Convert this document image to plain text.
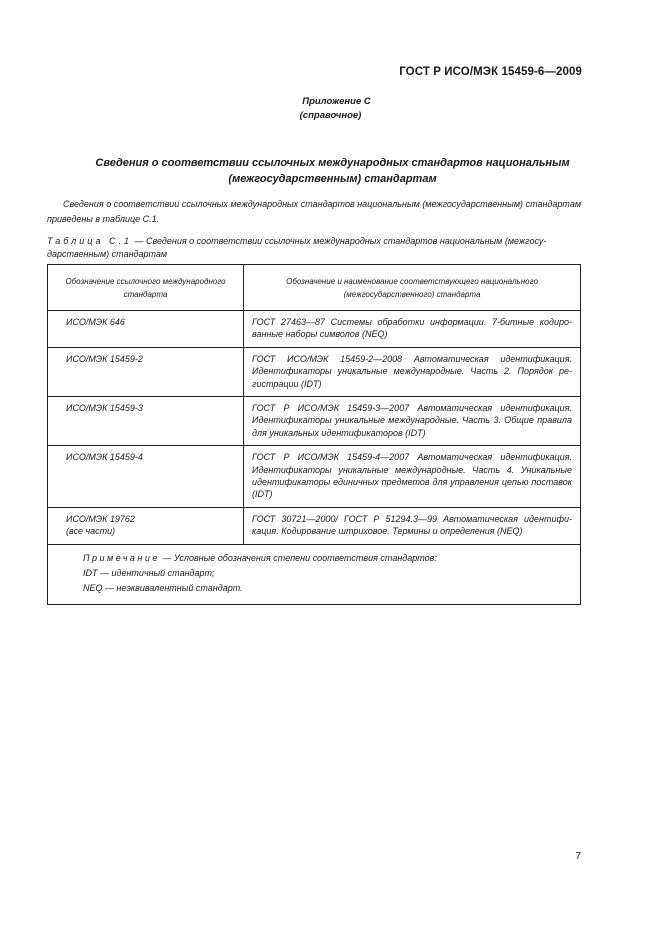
ГОСТ Р ИСО/МЭК 15459-6—2009
Приложение С
(справочное)
Сведения о соответствии ссылочных международных стандартов национальным
(межгосударственным) стандартам
Сведения о соответствии ссылочных международных стандартов национальным (межгосударственным) стандартам приведены в таблице С.1.
Таблица С.1 — Сведения о соответствии ссылочных международных стандартов национальным (межгосударственным) стандартам
Обозначение ссылочного международного стандарта	Обозначение и наименование соответствующего национального (межгосударственного) стандарта
ИСО/МЭК 646	ГОСТ 27463—87 Системы обработки информации. 7-битные кодированные наборы символов (NEQ)
ИСО/МЭК 15459-2	ГОСТ ИСО/МЭК 15459-2—2008 Автоматическая идентификация. Идентификаторы уникальные международные. Часть 2. Порядок регистрации (IDT)
ИСО/МЭК 15459-3	ГОСТ Р ИСО/МЭК 15459-3—2007 Автоматическая идентификация. Идентификаторы уникальные международные. Часть 3. Общие правила для уникальных идентификаторов (IDT)
ИСО/МЭК 15459-4	ГОСТ Р ИСО/МЭК 15459-4—2007 Автоматическая идентификация. Идентификаторы уникальные международные. Часть 4. Уникальные идентификаторы единичных предметов для управления цепью поставок (IDT)

ИСО/МЭК 19762
(все части)	ГОСТ 30721—2000/ ГОСТ Р 51294.3—99 Автоматическая идентификация. Кодирование штриховое. Термины и определения (NEQ)

Примечание — Условные обозначения степени соответствия стандартов:
IDT — идентичный стандарт;
NEQ — неэквивалентный стандарт.	
7
